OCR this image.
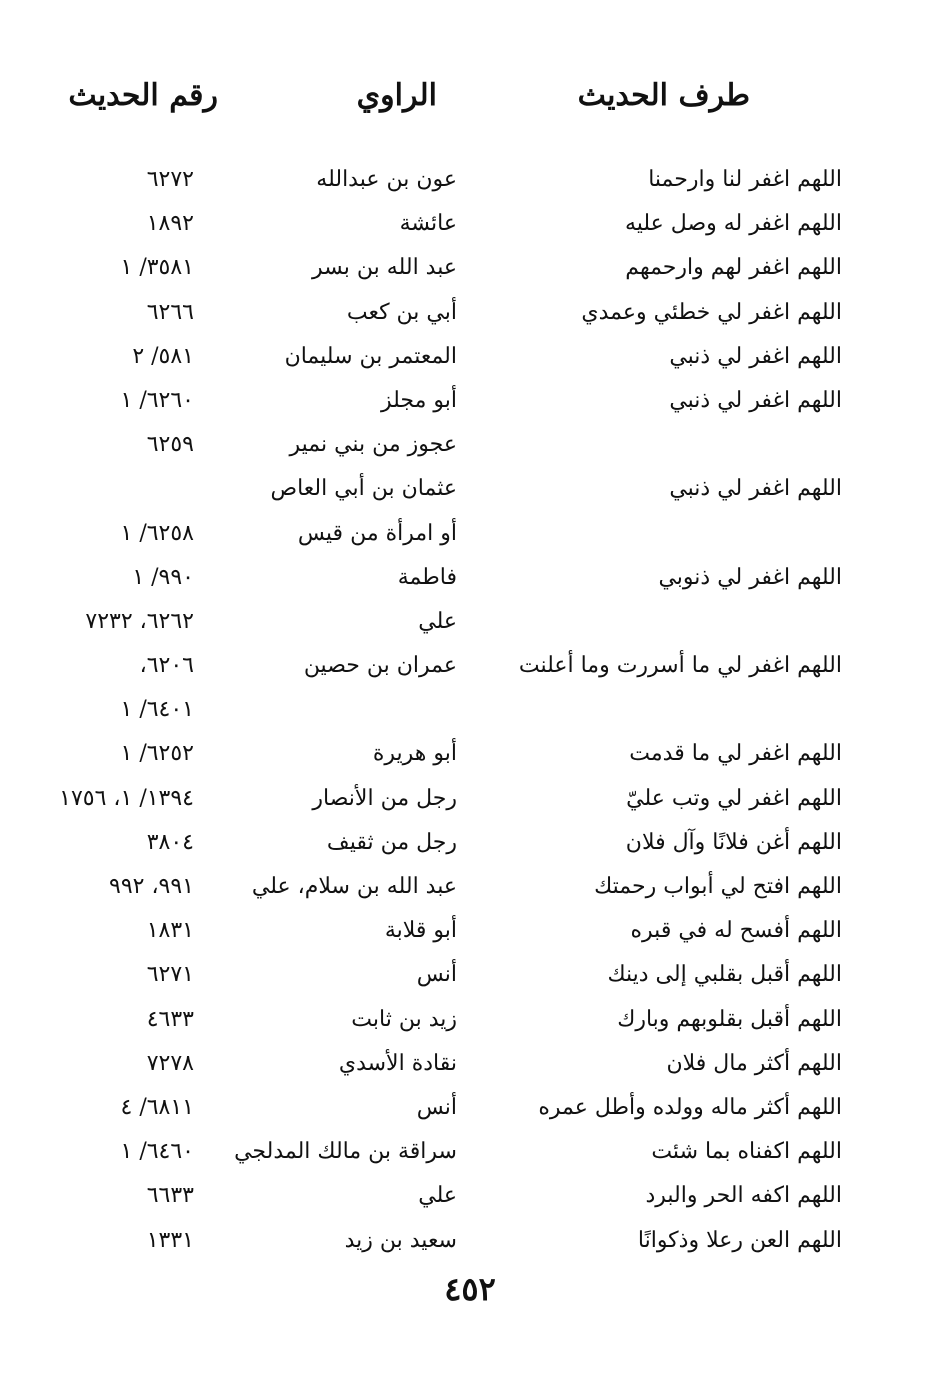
طرف الحديث
الراوي
رقم الحديث
اللهم اغفر لنا وارحمنا
عون بن عبدالله
٦٢٧٢
اللهم اغفر له وصل عليه
عائشة
١٨٩٢
اللهم اغفر لهم وارحمهم
عبد الله بن بسر
٣٥٨١/ ١
اللهم اغفر لي خطئي وعمدي
أبي بن كعب
٦٢٦٦
اللهم اغفر لي ذنبي
المعتمر بن سليمان
٥٨١/ ٢
اللهم اغفر لي ذنبي
أبو مجلز
٦٢٦٠/ ١
عجوز من بني نمير
٦٢٥٩
اللهم اغفر لي ذنبي
عثمان بن أبي العاص
أو امرأة من قيس
٦٢٥٨/ ١
اللهم اغفر لي ذنوبي
فاطمة
٩٩٠/ ١
علي
٦٢٦٢، ٧٢٣٢
اللهم اغفر لي ما أسررت وما أعلنت
عمران بن حصين
٦٢٠٦،
٦٤٠١/ ١
اللهم اغفر لي ما قدمت
أبو هريرة
٦٢٥٢/ ١
اللهم اغفر لي وتب عليّ
رجل من الأنصار
١٣٩٤/ ١، ١٧٥٦
اللهم أغن فلانًا وآل فلان
رجل من ثقيف
٣٨٠٤
اللهم افتح لي أبواب رحمتك
عبد الله بن سلام، علي
٩٩١، ٩٩٢
اللهم أفسح له في قبره
أبو قلابة
١٨٣١
اللهم أقبل بقلبي إلى دينك
أنس
٦٢٧١
اللهم أقبل بقلوبهم وبارك
زيد بن ثابت
٤٦٣٣
اللهم أكثر مال فلان
نقادة الأسدي
٧٢٧٨
اللهم أكثر ماله وولده وأطل عمره
أنس
٦٨١١/ ٤
اللهم اكفناه بما شئت
سراقة بن مالك المدلجي
٦٤٦٠/ ١
اللهم اكفه الحر والبرد
علي
٦٦٣٣
اللهم العن رعلا وذكوانًا
سعيد بن زيد
١٣٣١
٤٥٢
